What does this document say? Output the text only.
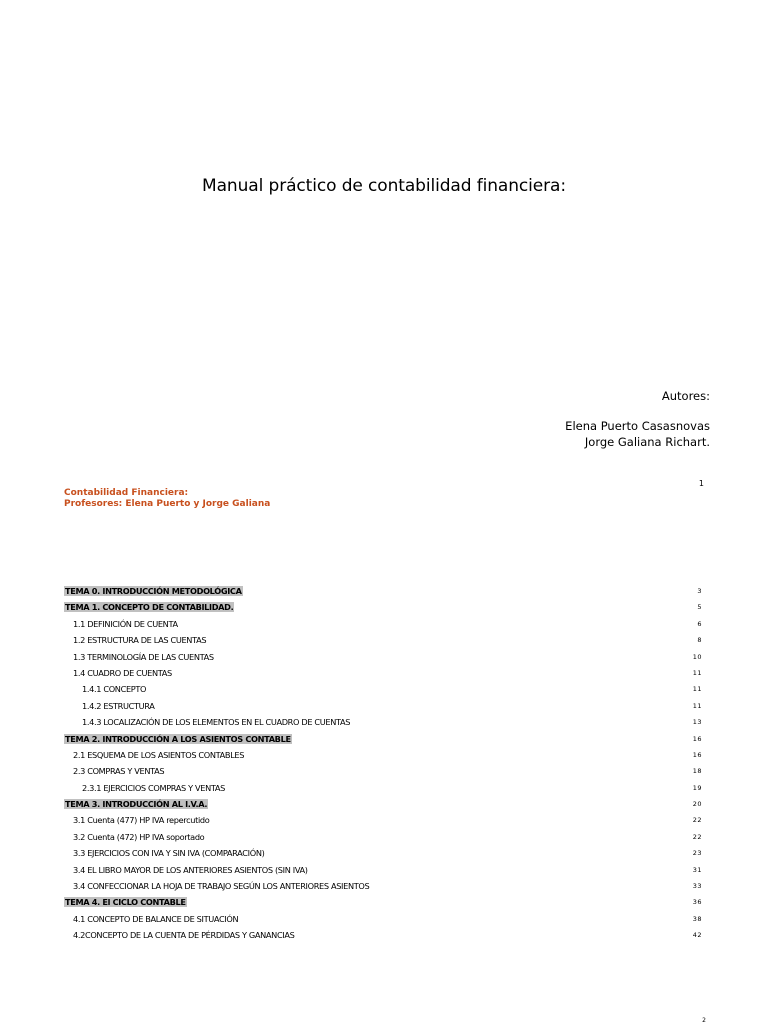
Manual práctico de contabilidad financiera:
Autores:
Elena Puerto Casasnovas
Jorge Galiana Richart.
1
Contabilidad Financiera:
Profesores: Elena Puerto y Jorge Galiana
TEMA 0. INTRODUCCIÓN METODOLÓGICA	3
TEMA 1. CONCEPTO DE CONTABILIDAD.	5
1.1 DEFINICIÓN DE CUENTA	6
1.2 ESTRUCTURA DE LAS CUENTAS	8
1.3 TERMINOLOGÍA DE LAS CUENTAS	10
1.4 CUADRO DE CUENTAS	11
1.4.1 CONCEPTO	11
1.4.2 ESTRUCTURA	11
1.4.3 LOCALIZACIÓN DE LOS ELEMENTOS EN EL CUADRO DE CUENTAS	13
TEMA 2. INTRODUCCIÓN A LOS ASIENTOS CONTABLE	16
2.1 ESQUEMA DE LOS ASIENTOS CONTABLES	16
2.3 COMPRAS Y VENTAS	18
2.3.1 EJERCICIOS COMPRAS Y VENTAS	19
TEMA 3. INTRODUCCIÓN AL I.V.A.	20
3.1 Cuenta (477) HP IVA repercutido	22
3.2 Cuenta (472) HP IVA soportado	22
3.3 EJERCICIOS CON IVA Y SIN IVA (COMPARACIÓN)	23
3.4 EL LIBRO MAYOR DE LOS ANTERIORES ASIENTOS (SIN IVA)	31
3.4 CONFECCIONAR LA HOJA DE TRABAJO SEGÚN LOS ANTERIORES ASIENTOS	33
TEMA 4. El CICLO CONTABLE	36
4.1 CONCEPTO DE BALANCE DE SITUACIÓN	38
4.2CONCEPTO DE LA CUENTA DE PÉRDIDAS Y GANANCIAS	42
2
